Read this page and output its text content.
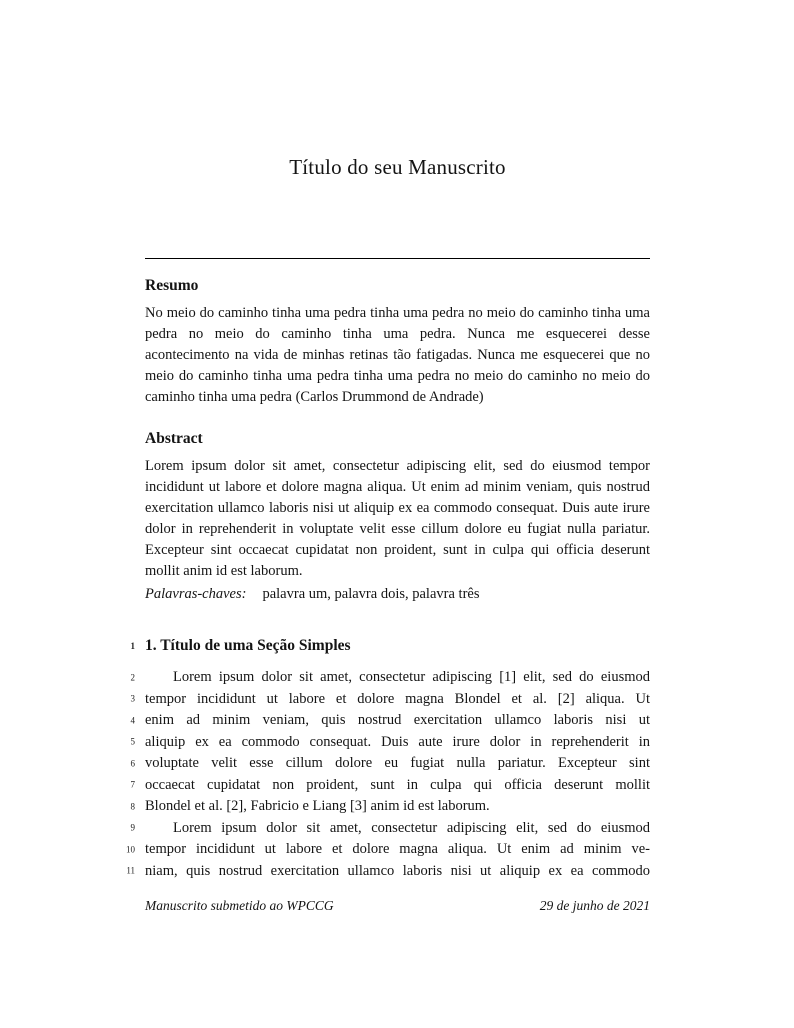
Título do seu Manuscrito
Resumo

No meio do caminho tinha uma pedra tinha uma pedra no meio do caminho tinha uma pedra no meio do caminho tinha uma pedra. Nunca me esquecerei desse acontecimento na vida de minhas retinas tão fatigadas. Nunca me esquecerei que no meio do caminho tinha uma pedra tinha uma pedra no meio do caminho no meio do caminho tinha uma pedra (Carlos Drummond de Andrade)

Abstract

Lorem ipsum dolor sit amet, consectetur adipiscing elit, sed do eiusmod tempor incididunt ut labore et dolore magna aliqua. Ut enim ad minim veniam, quis nostrud exercitation ullamco laboris nisi ut aliquip ex ea commodo consequat. Duis aute irure dolor in reprehenderit in voluptate velit esse cillum dolore eu fugiat nulla pariatur. Excepteur sint occaecat cupidatat non proident, sunt in culpa qui officia deserunt mollit anim id est laborum.

Palavras-chaves: palavra um, palavra dois, palavra três

1 1. Título de uma Seção Simples
2	Lorem ipsum dolor sit amet, consectetur adipiscing [1] elit, sed do eiusmod
3 tempor incididunt ut labore et dolore magna Blondel et al. [2] aliqua. Ut
4 enim ad minim veniam, quis nostrud exercitation ullamco laboris nisi ut
5 aliquip ex ea commodo consequat. Duis aute irure dolor in reprehenderit in
6 voluptate velit esse cillum dolore eu fugiat nulla pariatur. Excepteur sint
7 occaecat cupidatat non proident, sunt in culpa qui officia deserunt mollit
8 Blondel et al. [2], Fabricio e Liang [3] anim id est laborum.
9	Lorem ipsum dolor sit amet, consectetur adipiscing elit, sed do eiusmod
10 tempor incididunt ut labore et dolore magna aliqua. Ut enim ad minim ve-
11 niam, quis nostrud exercitation ullamco laboris nisi ut aliquip ex ea commodo
Manuscrito submetido ao WPCCG	29 de junho de 2021
